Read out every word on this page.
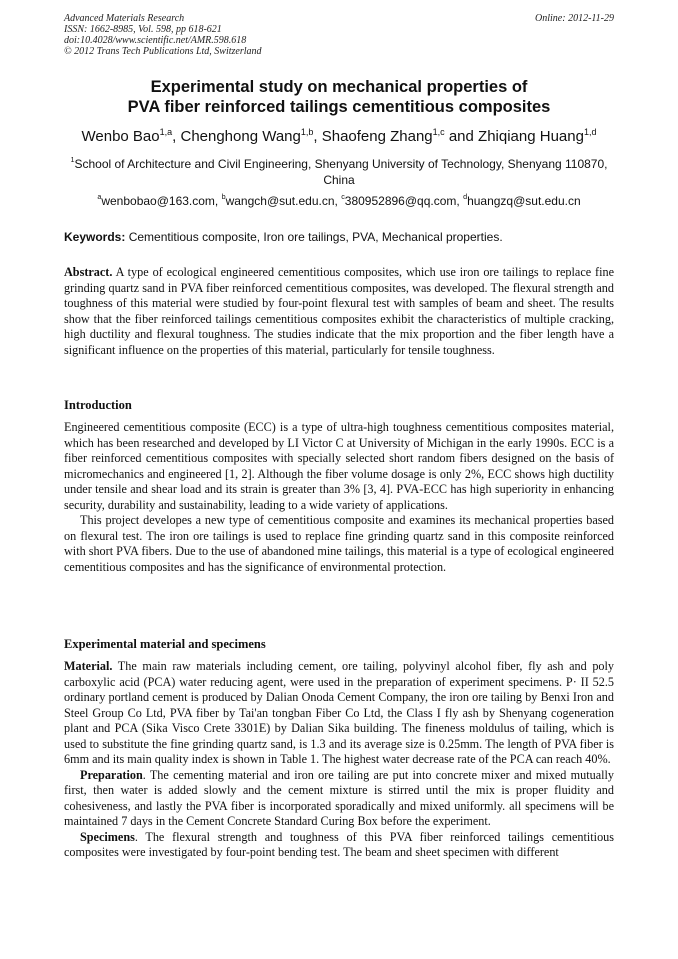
Advanced Materials Research
ISSN: 1662-8985, Vol. 598, pp 618-621
doi:10.4028/www.scientific.net/AMR.598.618
© 2012 Trans Tech Publications Ltd, Switzerland
Online: 2012-11-29
Experimental study on mechanical properties of
PVA fiber reinforced tailings cementitious composites
Wenbo Bao$^{1,a}$, Chenghong Wang$^{1,b}$, Shaofeng Zhang$^{1,c}$ and Zhiqiang Huang$^{1,d}$
$^1$School of Architecture and Civil Engineering, Shenyang University of Technology, Shenyang 110870, China
$^a$wenbobao@163.com, $^b$wangch@sut.edu.cn, $^c$380952896@qq.com, $^d$huangzq@sut.edu.cn
Keywords: Cementitious composite, Iron ore tailings, PVA, Mechanical properties.

Abstract. A type of ecological engineered cementitious composites, which use iron ore tailings to replace fine grinding quartz sand in PVA fiber reinforced cementitious composites, was developed. The flexural strength and toughness of this material were studied by four-point flexural test with samples of beam and sheet. The results show that the fiber reinforced tailings cementitious composites exhibit the characteristics of multiple cracking, high ductility and flexural toughness. The studies indicate that the mix proportion and the fiber length have a significant influence on the properties of this material, particularly for tensile toughness.

Introduction

Engineered cementitious composite (ECC) is a type of ultra-high toughness cementitious composites material, which has been researched and developed by LI Victor C at University of Michigan in the early 1990s. ECC is a fiber reinforced cementitious composites with specially selected short random fibers designed on the basis of micromechanics and engineered [1, 2]. Although the fiber volume dosage is only 2%, ECC shows high ductility under tensile and shear load and its strain is greater than 3% [3, 4]. PVA-ECC has high superiority in enhancing security, durability and sustainability, leading to a wide variety of applications.

This project developes a new type of cementitious composite and examines its mechanical properties based on flexural test. The iron ore tailings is used to replace fine grinding quartz sand in this composite reinforced with short PVA fibers. Due to the use of abandoned mine tailings, this material is a type of ecological engineered cementitious composites and has the significance of environmental protection.

Experimental material and specimens

Material. The main raw materials including cement, ore tailing, polyvinyl alcohol fiber, fly ash and poly carboxylic acid (PCA) water reducing agent, were used in the preparation of experiment specimens. P· II 52.5 ordinary portland cement is produced by Dalian Onoda Cement Company, the iron ore tailing by Benxi Iron and Steel Group Co Ltd, PVA fiber by Tai'an tongban Fiber Co Ltd, the Class I fly ash by Shenyang cogeneration plant and PCA (Sika Visco Crete 3301E) by Dalian Sika building. The fineness moldulus of tailing, which is used to substitute the fine grinding quartz sand, is 1.3 and its average size is 0.25mm. The length of PVA fiber is 6mm and its main quality index is shown in Table 1. The highest water decrease rate of the PCA can reach 40%.

Preparation. The cementing material and iron ore tailing are put into concrete mixer and mixed mutually first, then water is added slowly and the cement mixture is stirred until the mix is proper fluidity and cohesiveness, and lastly the PVA fiber is incorporated sporadically and mixed uniformly. all specimens will be maintained 7 days in the Cement Concrete Standard Curing Box before the experiment.

Specimens. The flexural strength and toughness of this PVA fiber reinforced tailings cementitious composites were investigated by four-point bending test. The beam and sheet specimen with different
